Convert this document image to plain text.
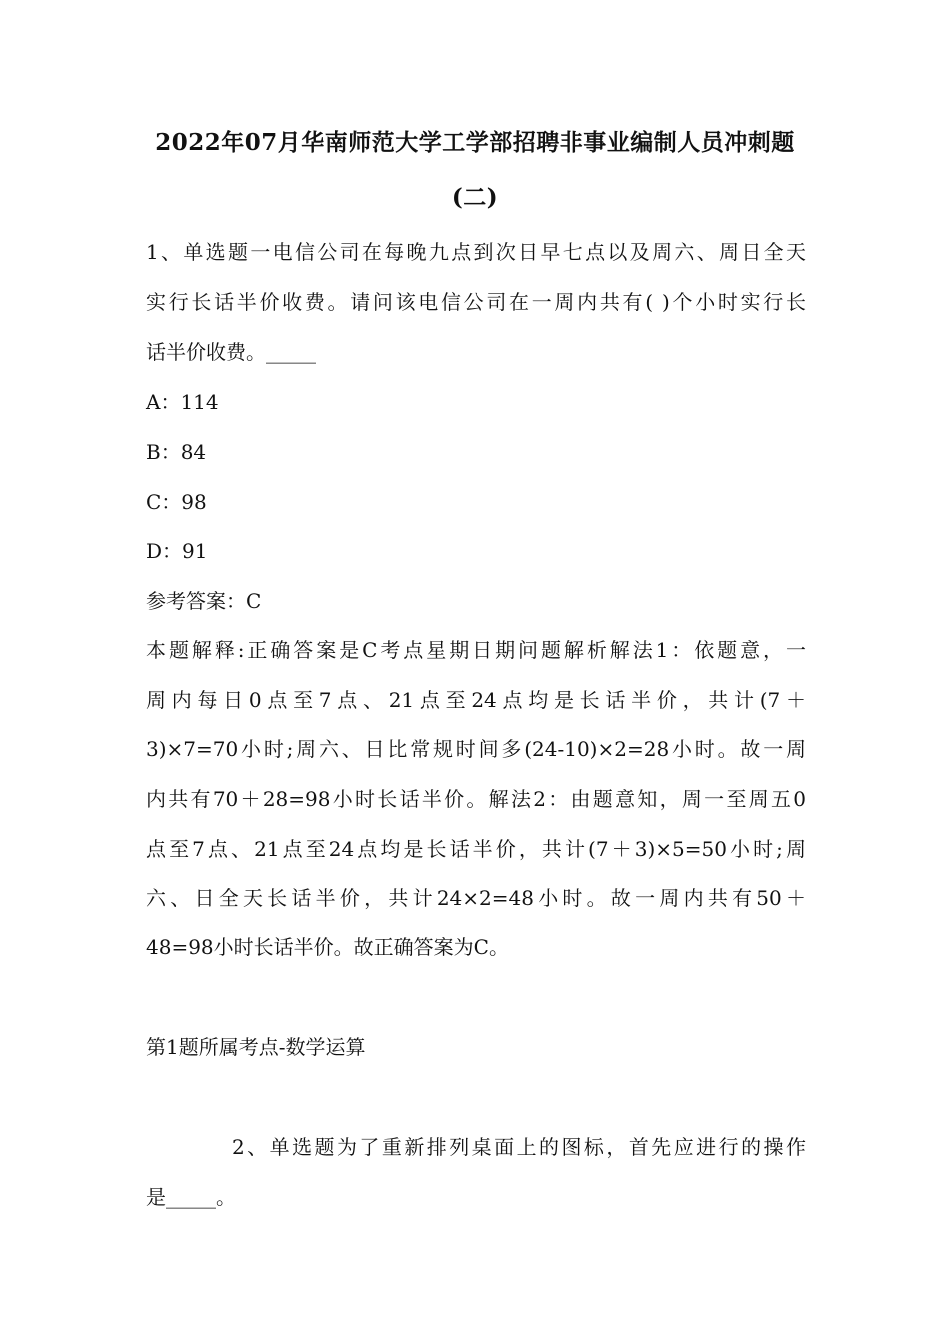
2022年07月华南师范大学工学部招聘非事业编制人员冲刺题
(二)
1、单选题一电信公司在每晚九点到次日早七点以及周六、周日全天
实行长话半价收费。请问该电信公司在一周内共有( )个小时实行长
话半价收费。_____
A：114
B：84
C：98
D：91
参考答案：C
本题解释:正确答案是C考点星期日期问题解析解法1：依题意，一
周内每日0点至7点、21点至24点均是长话半价，共计(7＋
3)×7=70小时;周六、日比常规时间多(24-10)×2=28小时。故一周
内共有70＋28=98小时长话半价。解法2：由题意知，周一至周五0
点至7点、21点至24点均是长话半价，共计(7＋3)×5=50小时;周
六、日全天长话半价，共计24×2=48小时。故一周内共有50＋
48=98小时长话半价。故正确答案为C。
第1题所属考点-数学运算
2、单选题为了重新排列桌面上的图标，首先应进行的操作
是_____。
